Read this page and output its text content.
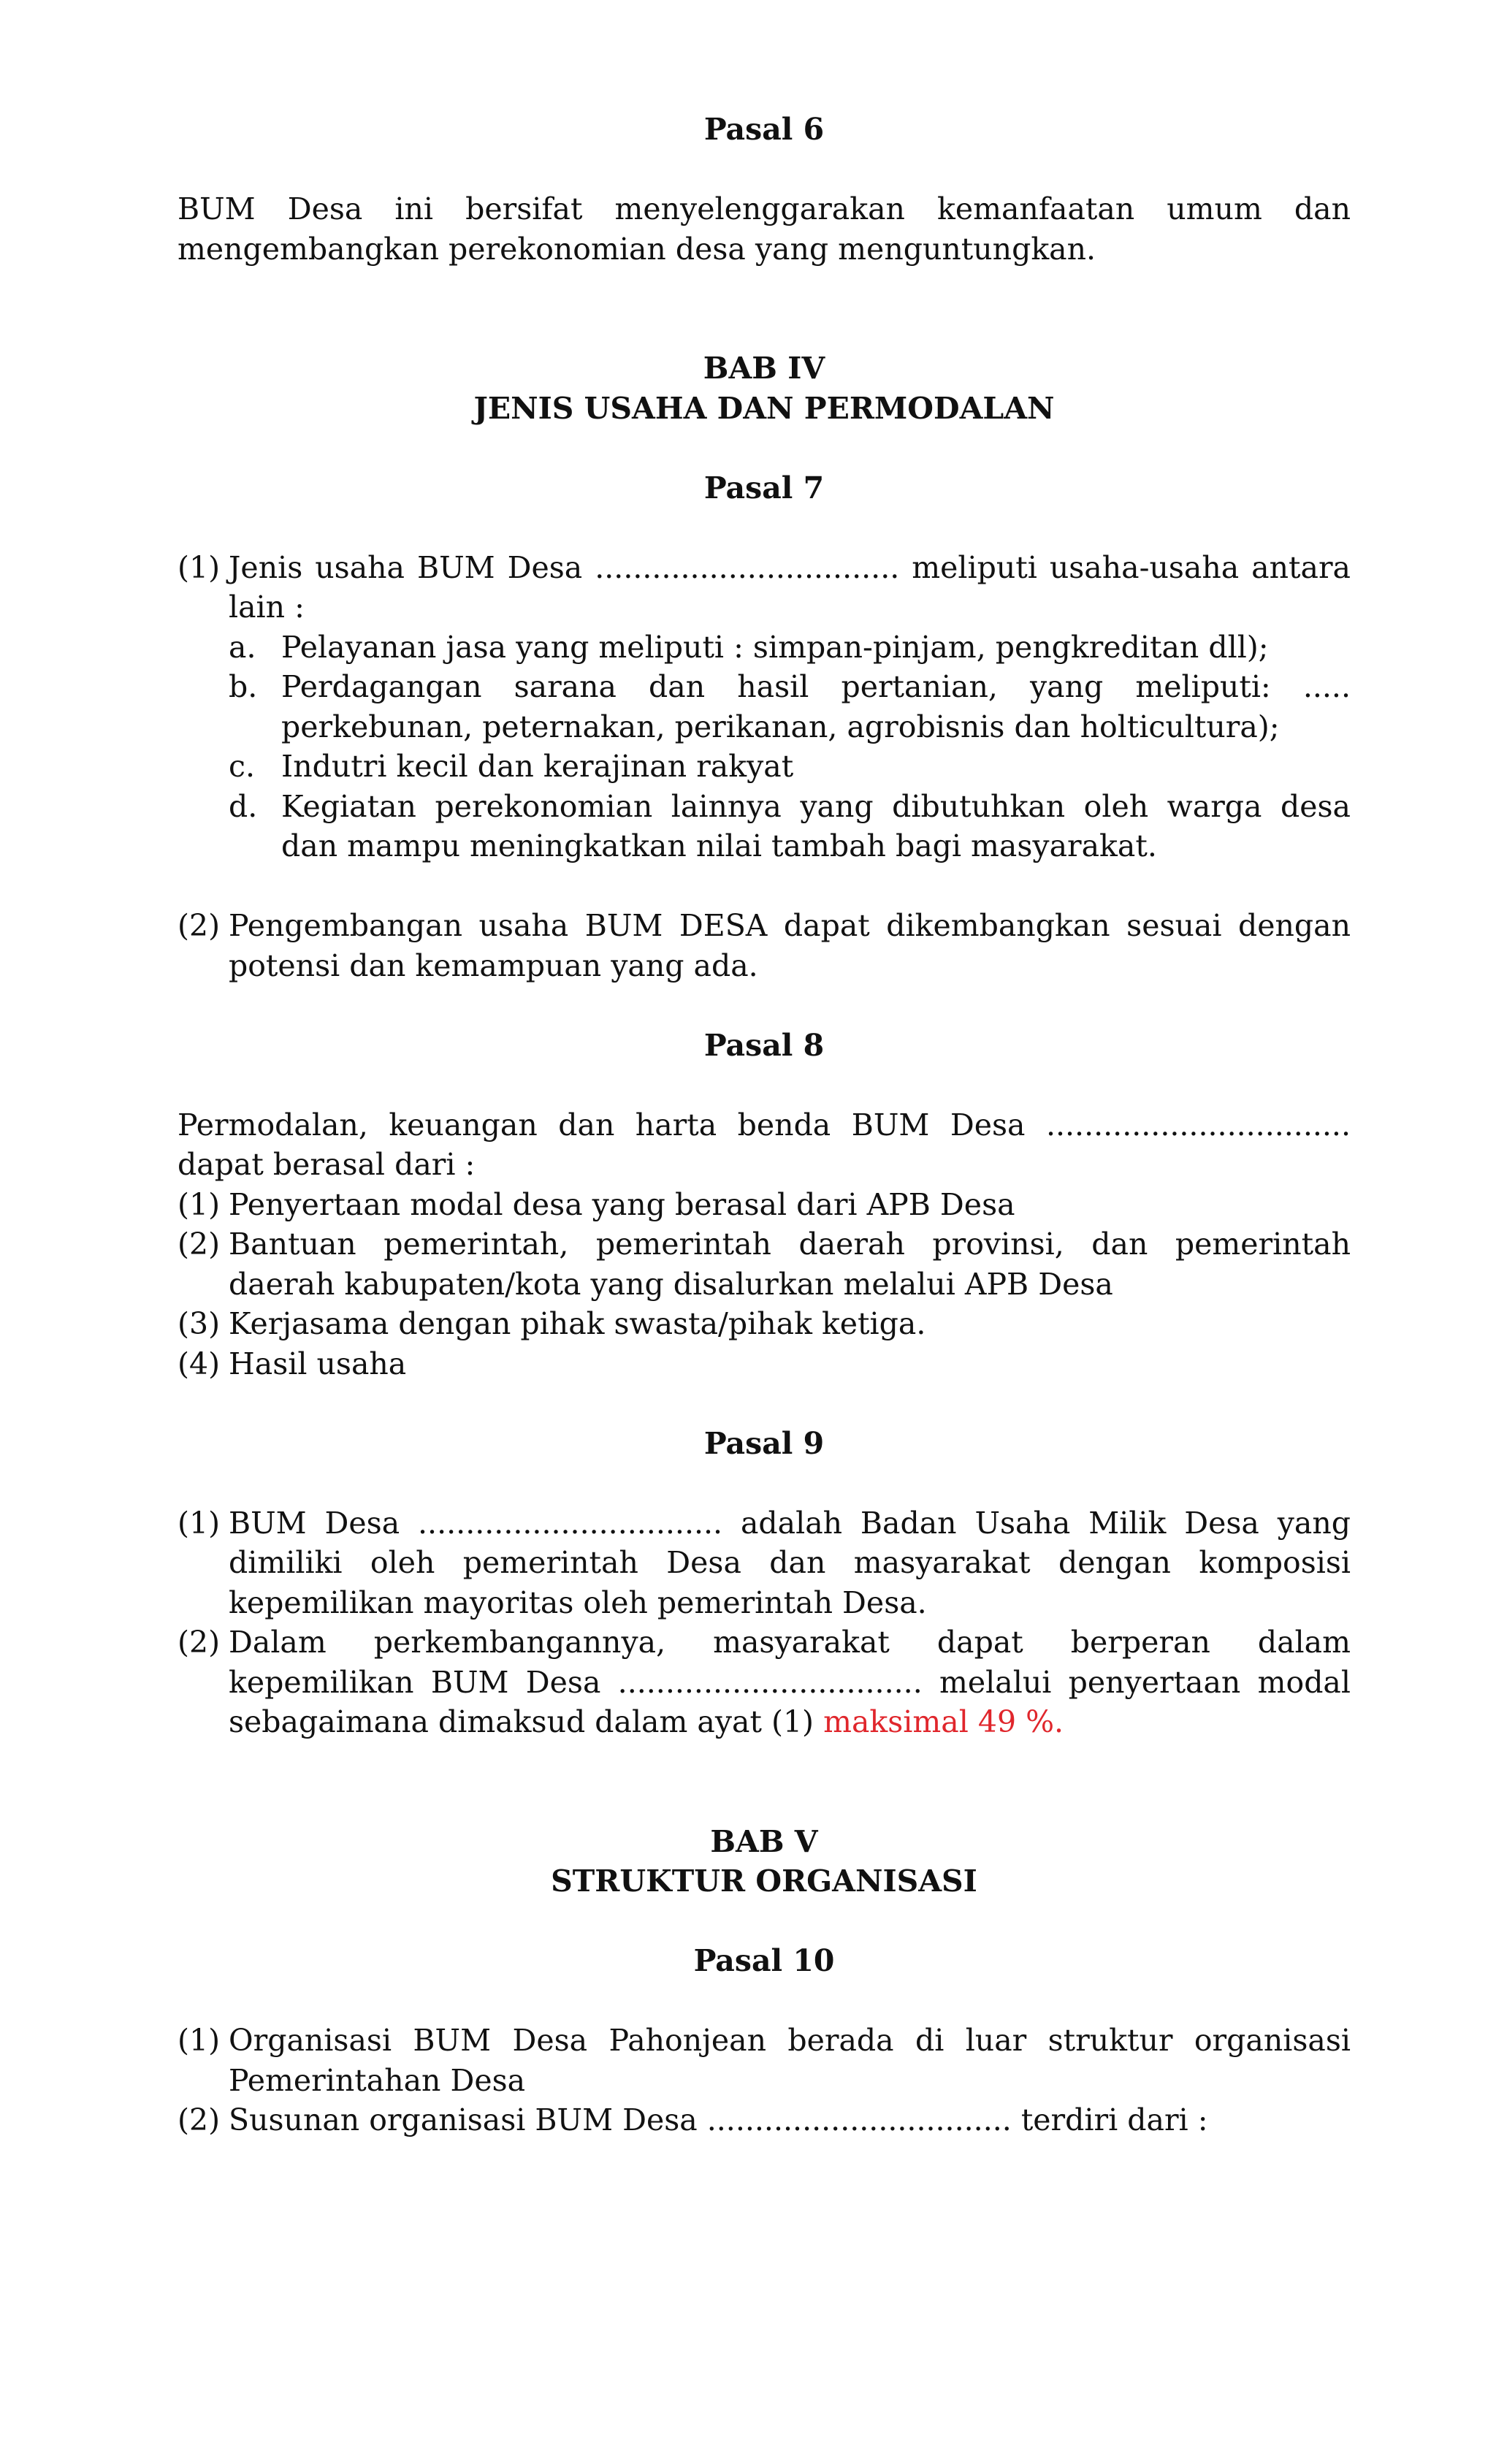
Pasal 6

BUM Desa ini bersifat menyelenggarakan kemanfaatan umum dan mengembangkan perekonomian desa yang menguntungkan.

BAB IV

JENIS USAHA DAN PERMODALAN

Pasal 7

(1) Jenis usaha BUM Desa ................................ meliputi usaha-usaha antara lain :
a. Pelayanan jasa yang meliputi : simpan-pinjam, pengkreditan dll);
b. Perdagangan sarana dan hasil pertanian, yang meliputi: ..... perkebunan, peternakan, perikanan, agrobisnis dan holticultura);
c. Indutri kecil dan kerajinan rakyat
d. Kegiatan perekonomian lainnya yang dibutuhkan oleh warga desa dan mampu meningkatkan nilai tambah bagi masyarakat.
(2) Pengembangan usaha BUM DESA dapat dikembangkan sesuai dengan potensi dan kemampuan yang ada.

Pasal 8

Permodalan, keuangan dan harta benda BUM Desa ................................ dapat berasal dari :

(1) Penyertaan modal desa yang berasal dari APB Desa
(2) Bantuan pemerintah, pemerintah daerah provinsi, dan pemerintah daerah kabupaten/kota yang disalurkan melalui APB Desa
(3) Kerjasama dengan pihak swasta/pihak ketiga.
(4) Hasil usaha

Pasal 9

(1) BUM Desa ................................ adalah Badan Usaha Milik Desa yang dimiliki oleh pemerintah Desa dan masyarakat dengan komposisi kepemilikan mayoritas oleh pemerintah Desa.
(2) Dalam perkembangannya, masyarakat dapat berperan dalam kepemilikan BUM Desa ................................ melalui penyertaan modal sebagaimana dimaksud dalam ayat (1) maksimal 49 %.

BAB V

STRUKTUR ORGANISASI

Pasal 10

(1) Organisasi BUM Desa Pahonjean berada di luar struktur organisasi Pemerintahan Desa
(2) Susunan organisasi BUM Desa ................................ terdiri dari :
